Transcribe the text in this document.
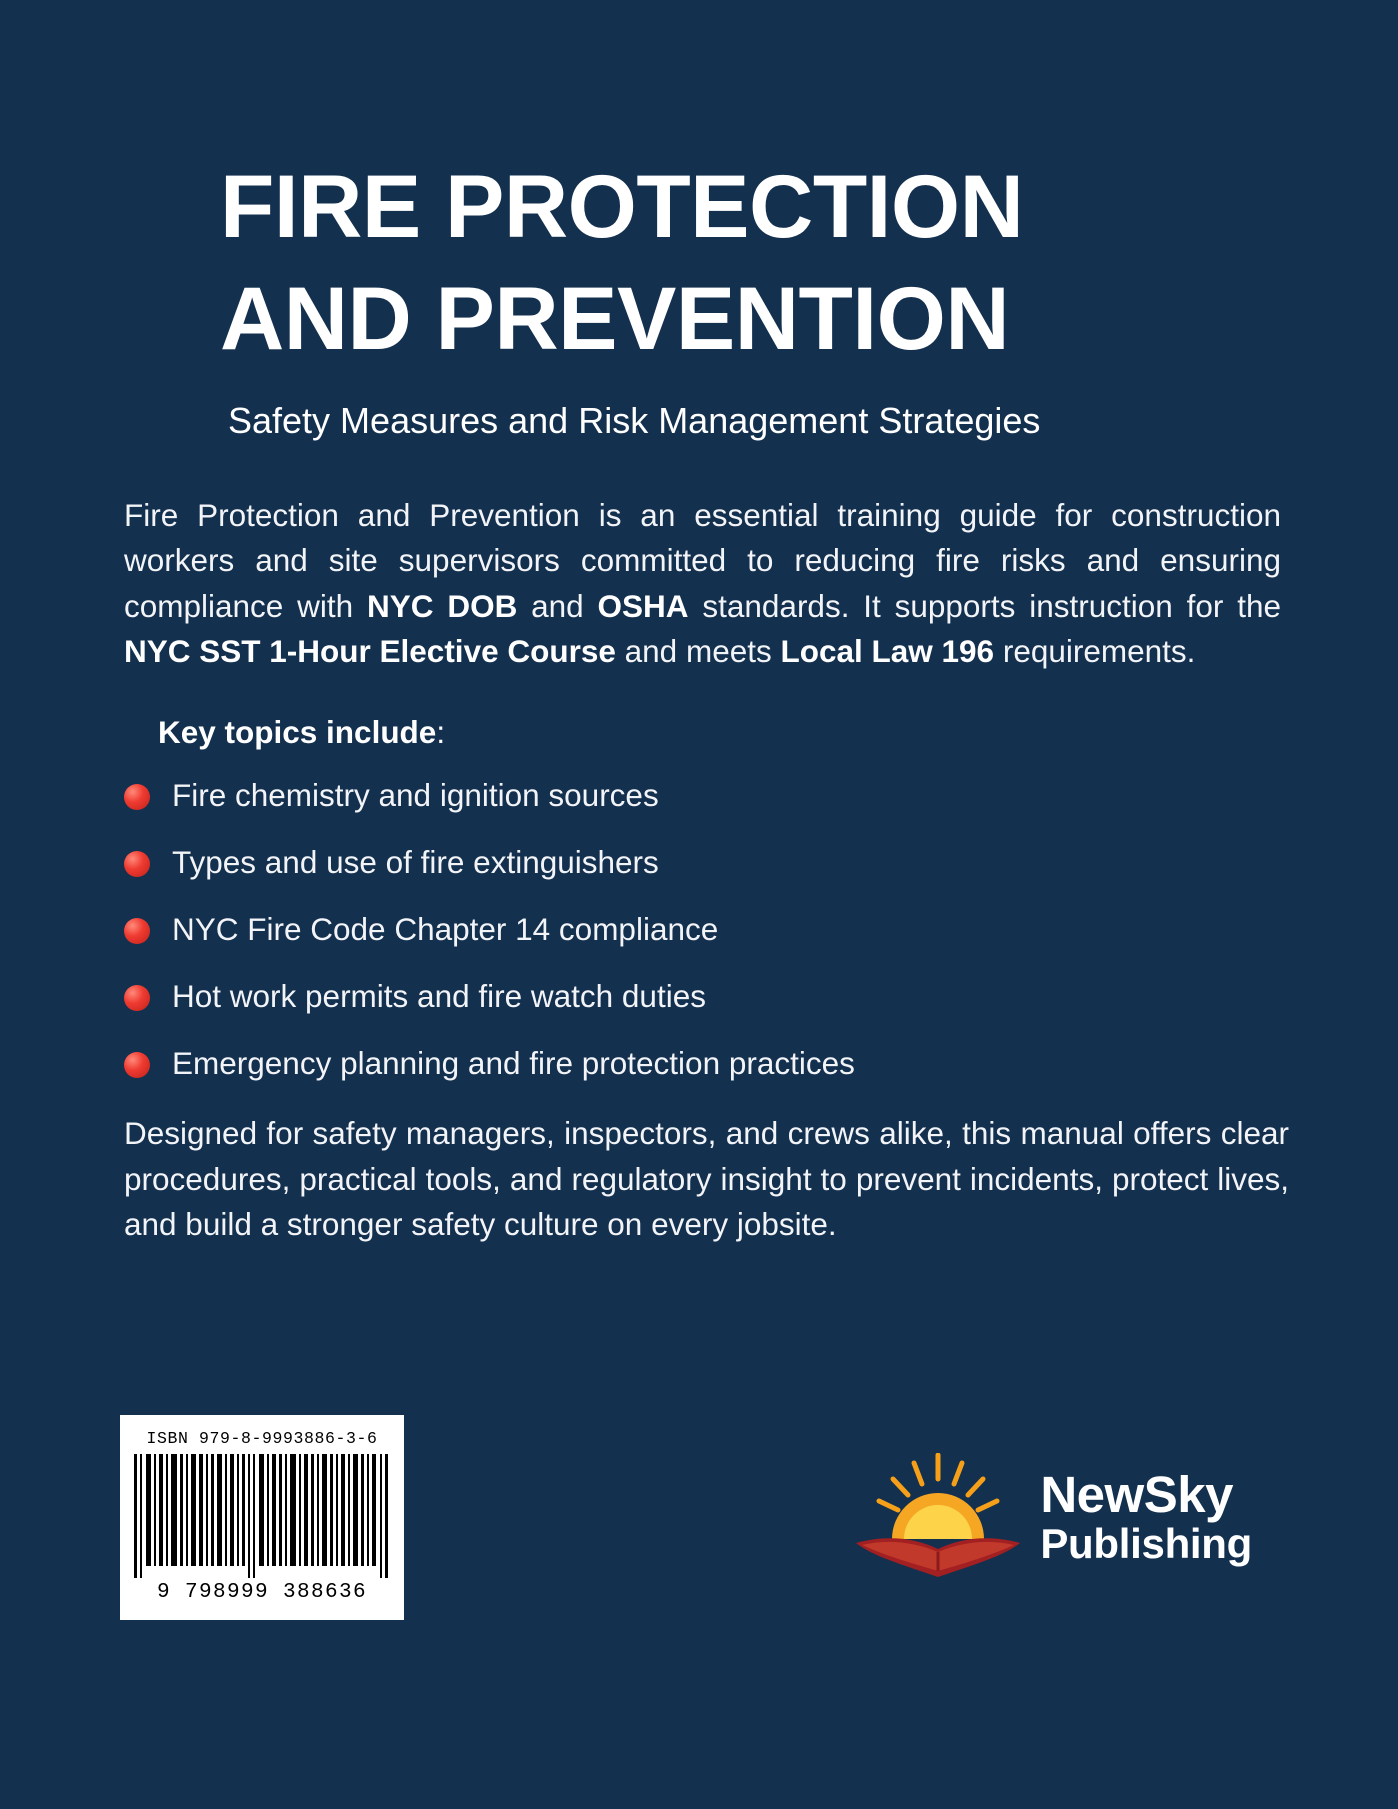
FIRE PROTECTION
AND PREVENTION
Safety Measures and Risk Management Strategies

Fire Protection and Prevention is an essential training guide for construction workers and site supervisors committed to reducing fire risks and ensuring compliance with NYC DOB and OSHA standards. It supports instruction for the NYC SST 1-Hour Elective Course and meets Local Law 196 requirements.

Key topics include:
Fire chemistry and ignition sources
Types and use of fire extinguishers
NYC Fire Code Chapter 14 compliance
Hot work permits and fire watch duties
Emergency planning and fire protection practices

Designed for safety managers, inspectors, and crews alike, this manual offers clear procedures, practical tools, and regulatory insight to prevent incidents, protect lives, and build a stronger safety culture on every jobsite.

ISBN 979-8-9993886-3-6
9 798999 388636
NewSky
Publishing
